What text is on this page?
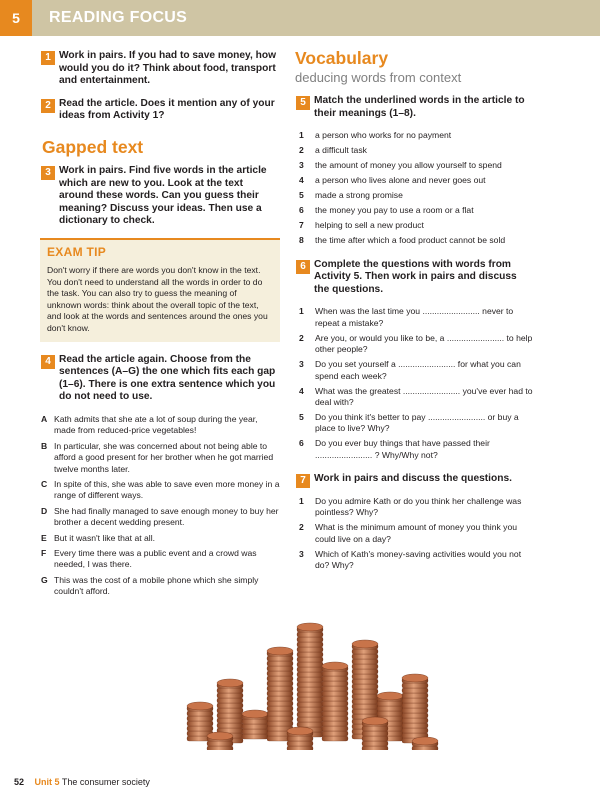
5	READING FOCUS
1 Work in pairs. If you had to save money, how would you do it? Think about food, transport and entertainment.
2 Read the article. Does it mention any of your ideas from Activity 1?
Gapped text
3 Work in pairs. Find five words in the article which are new to you. Look at the text around these words. Can you guess their meaning? Discuss your ideas. Then use a dictionary to check.
EXAM TIP
Don't worry if there are words you don't know in the text. You don't need to understand all the words in order to do the task. You can also try to guess the meaning of unknown words: think about the overall topic of the text, and look at the words and sentences around the ones you don't know.
4 Read the article again. Choose from the sentences (A–G) the one which fits each gap (1–6). There is one extra sentence which you do not need to use.
A Kath admits that she ate a lot of soup during the year, made from reduced-price vegetables!
B In particular, she was concerned about not being able to afford a good present for her brother when he got married twelve months later.
C In spite of this, she was able to save even more money in a range of different ways.
D She had finally managed to save enough money to buy her brother a decent wedding present.
E But it wasn't like that at all.
F Every time there was a public event and a crowd was needed, I was there.
G This was the cost of a mobile phone which she simply couldn't afford.
Vocabulary
deducing words from context
5 Match the underlined words in the article to their meanings (1–8).
1 a person who works for no payment
2 a difficult task
3 the amount of money you allow yourself to spend
4 a person who lives alone and never goes out
5 made a strong promise
6 the money you pay to use a room or a flat
7 helping to sell a new product
8 the time after which a food product cannot be sold
6 Complete the questions with words from Activity 5. Then work in pairs and discuss the questions.
1 When was the last time you ........................ never to repeat a mistake?
2 Are you, or would you like to be, a ........................ to help other people?
3 Do you set yourself a ........................ for what you can spend each week?
4 What was the greatest ........................ you've ever had to deal with?
5 Do you think it's better to pay ........................ or buy a place to live? Why?
6 Do you ever buy things that have passed their ........................ ? Why/Why not?
7 Work in pairs and discuss the questions.
1 Do you admire Kath or do you think her challenge was pointless? Why?
2 What is the minimum amount of money you think you could live on a day?
3 Which of Kath's money-saving activities would you not do? Why?
52 Unit 5 The consumer society
